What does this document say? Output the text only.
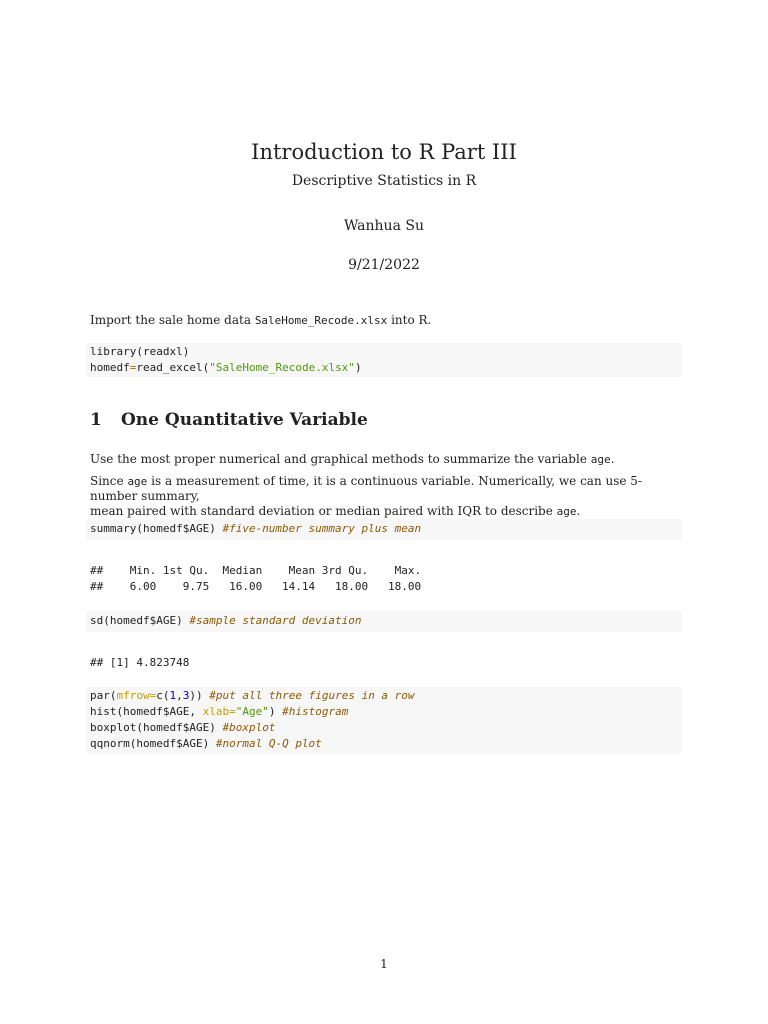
Introduction to R Part III
Descriptive Statistics in R
Wanhua Su
9/21/2022
Import the sale home data SaleHome_Recode.xlsx into R.
library(readxl)
homedf=read_excel("SaleHome_Recode.xlsx")
1 One Quantitative Variable
Use the most proper numerical and graphical methods to summarize the variable age.
Since age is a measurement of time, it is a continuous variable. Numerically, we can use 5-number summary,
mean paired with standard deviation or median paired with IQR to describe age.
summary(homedf$AGE) #five-number summary plus mean
##    Min. 1st Qu.  Median    Mean 3rd Qu.    Max.
##    6.00    9.75   16.00   14.14   18.00   18.00
sd(homedf$AGE) #sample standard deviation
## [1] 4.823748
par(mfrow=c(1,3)) #put all three figures in a row
hist(homedf$AGE, xlab="Age") #histogram
boxplot(homedf$AGE) #boxplot
qqnorm(homedf$AGE) #normal Q-Q plot
1
